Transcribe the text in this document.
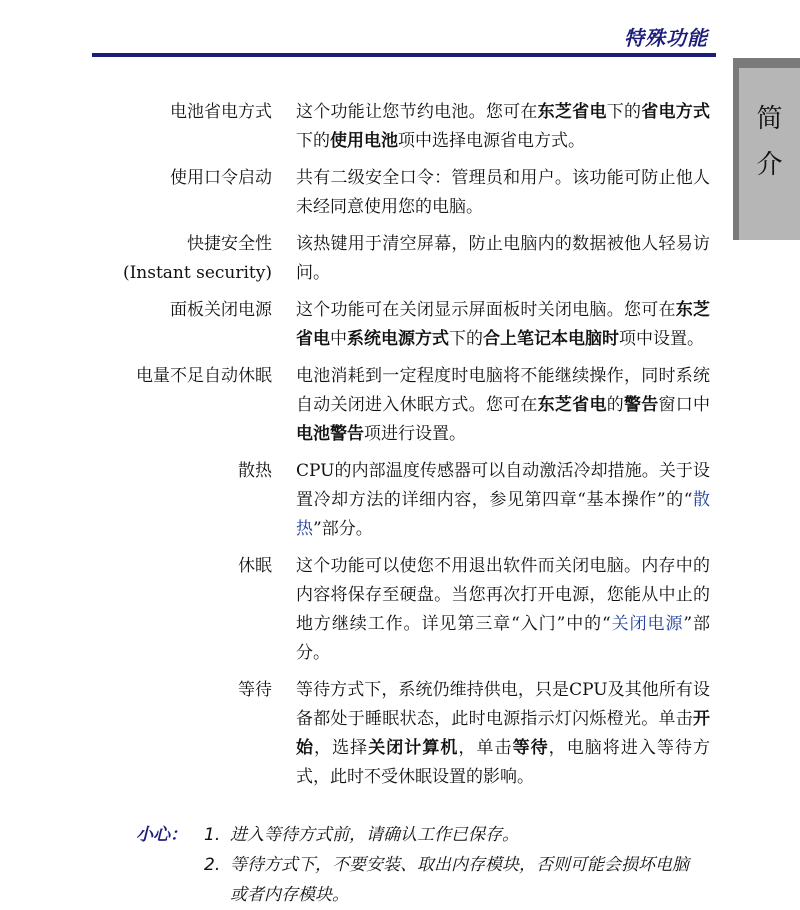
特殊功能
简
介
电池省电方式 这个功能让您节约电池。您可在东芝省电下的省电方式下的使用电池项中选择电源省电方式。
使用口令启动 共有二级安全口令：管理员和用户。该功能可防止他人未经同意使用您的电脑。
快捷安全性
(Instant security)
该热键用于清空屏幕，防止电脑内的数据被他人轻易访问。
面板关闭电源 这个功能可在关闭显示屏面板时关闭电脑。您可在东芝省电中系统电源方式下的合上笔记本电脑时项中设置。
电量不足自动休眠 电池消耗到一定程度时电脑将不能继续操作，同时系统自动关闭进入休眠方式。您可在东芝省电的警告窗口中电池警告项进行设置。
散热 CPU的内部温度传感器可以自动激活冷却措施。关于设置冷却方法的详细内容，参见第四章“基本操作”的“散热”部分。
休眠 这个功能可以使您不用退出软件而关闭电脑。内存中的内容将保存至硬盘。当您再次打开电源，您能从中止的地方继续工作。详见第三章“入门”中的“关闭电源”部分。
等待 等待方式下，系统仍维持供电，只是CPU及其他所有设备都处于睡眠状态，此时电源指示灯闪烁橙光。单击开始，选择关闭计算机，单击等待，电脑将进入等待方式，此时不受休眠设置的影响。
小心： 1. 进入等待方式前，请确认工作已保存。
2. 等待方式下，不要安装、取出内存模块，否则可能会损坏电脑或者内存模块。
